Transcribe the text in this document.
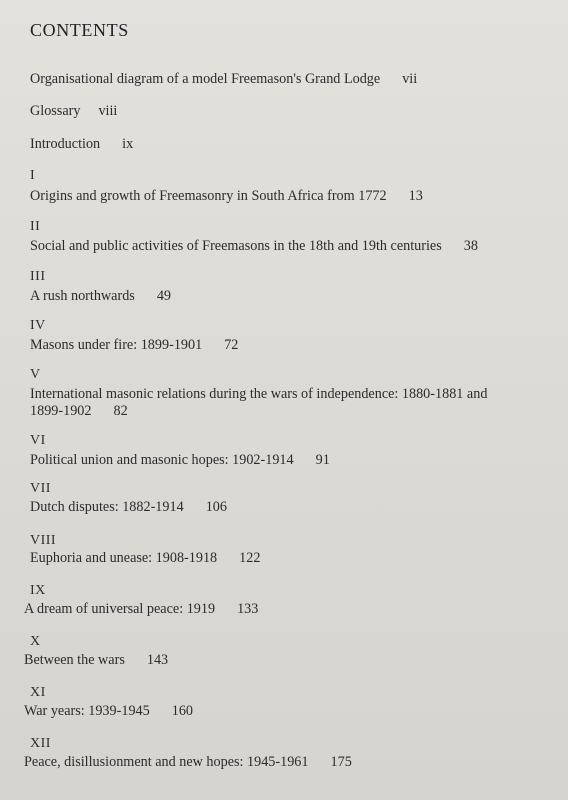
CONTENTS
Organisational diagram of a model Freemason's Grand Lodge vii
Glossary viii
Introduction ix
I
Origins and growth of Freemasonry in South Africa from 1772 13
II
Social and public activities of Freemasons in the 18th and 19th centuries 38
III
A rush northwards 49
IV
Masons under fire: 1899-1901 72
V
International masonic relations during the wars of independence: 1880-1881 and
1899-1902 82
VI
Political union and masonic hopes: 1902-1914 91
VII
Dutch disputes: 1882-1914 106
VIII
Euphoria and unease: 1908-1918 122
IX
A dream of universal peace: 1919 133
X
Between the wars 143
XI
War years: 1939-1945 160
XII
Peace, disillusionment and new hopes: 1945-1961 175
